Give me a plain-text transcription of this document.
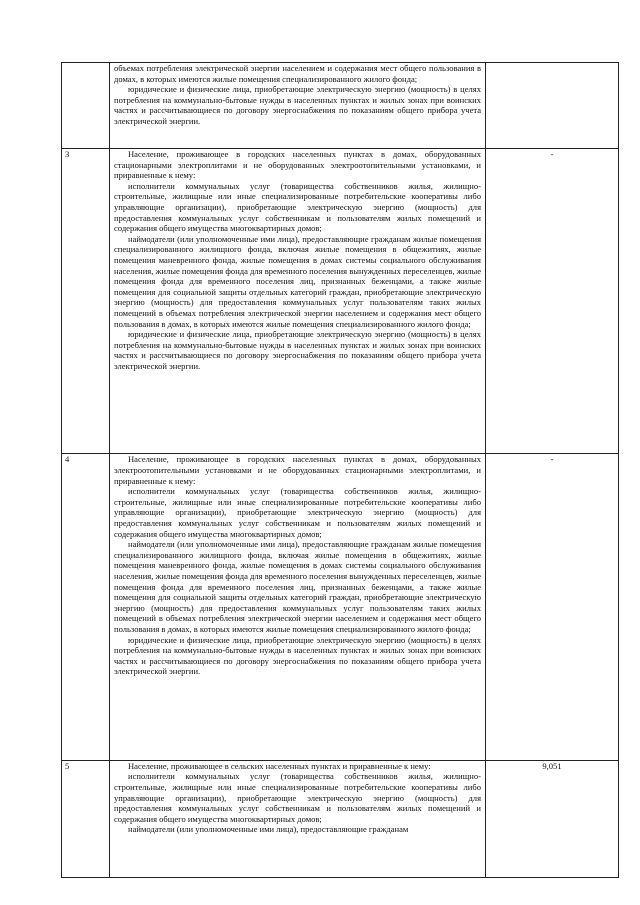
	объемах потребления электрической энергии населением и содержания мест общего пользования в домах, в которых имеются жилые помещения специализированного жилого фонда;

юридические и физические лица, приобретающие электрическую энергию (мощность) в целях потребления на коммунально-бытовые нужды в населенных пунктах и жилых зонах при воинских частях и рассчитывающиеся по договору энергоснабжения по показаниям общего прибора учета электрической энергии.	

3	Население, проживающее в городских населенных пунктах в домах, оборудованных стационарными электроплитами и не оборудованных электроотопительными установками, и приравненные к нему:

исполнители коммунальных услуг (товарищества собственников жилья, жилищно-строительные, жилищные или иные специализированные потребительские кооперативы либо управляющие организации), приобретающие электрическую энергию (мощность) для предоставления коммунальных услуг собственникам и пользователям жилых помещений и содержания общего имущества многоквартирных домов;

наймодатели (или уполномоченные ими лица), предоставляющие гражданам жилые помещения специализированного жилищного фонда, включая жилые помещения в общежитиях, жилые помещения маневренного фонда, жилые помещения в домах системы социального обслуживания населения, жилые помещения фонда для временного поселения вынужденных переселенцев, жилые помещения фонда для временного поселения лиц, признанных беженцами, а также жилые помещения для социальной защиты отдельных категорий граждан, приобретающие электрическую энергию (мощность) для предоставления коммунальных услуг пользователям таких жилых помещений в объемах потребления электрической энергии населением и содержания мест общего пользования в домах, в которых имеются жилые помещения специализированного жилого фонда;

юридические и физические лица, приобретающие электрическую энергию (мощность) в целях потребления на коммунально-бытовые нужды в населенных пунктах и жилых зонах при воинских частях и рассчитывающиеся по договору энергоснабжения по показаниям общего прибора учета электрической энергии.	-
4	Население, проживающее в городских населенных пунктах в домах, оборудованных электроотопительными установками и не оборудованных стационарными электроплитами, и приравненные к нему:

исполнители коммунальных услуг (товарищества собственников жилья, жилищно-строительные, жилищные или иные специализированные потребительские кооперативы либо управляющие организации), приобретающие электрическую энергию (мощность) для предоставления коммунальных услуг собственникам и пользователям жилых помещений и содержания общего имущества многоквартирных домов;

наймодатели (или уполномоченные ими лица), предоставляющие гражданам жилые помещения специализированного жилищного фонда, включая жилые помещения в общежитиях, жилые помещения маневренного фонда, жилые помещения в домах системы социального обслуживания населения, жилые помещения фонда для временного поселения вынужденных переселенцев, жилые помещения фонда для временного поселения лиц, признанных беженцами, а также жилые помещения для социальной защиты отдельных категорий граждан, приобретающие электрическую энергию (мощность) для предоставления коммунальных услуг пользователям таких жилых помещений в объемах потребления электрической энергии населением и содержания мест общего пользования в домах, в которых имеются жилые помещения специализированного жилого фонда;

юридические и физические лица, приобретающие электрическую энергию (мощность) в целях потребления на коммунально-бытовые нужды в населенных пунктах и жилых зонах при воинских частях и рассчитывающиеся по договору энергоснабжения по показаниям общего прибора учета электрической энергии.	-
5	Население, проживающее в сельских населенных пунктах и приравненные к нему:

исполнители коммунальных услуг (товарищества собственников жилья, жилищно-строительные, жилищные или иные специализированные потребительские кооперативы либо управляющие организации), приобретающие электрическую энергию (мощность) для предоставления коммунальных услуг собственникам и пользователям жилых помещений и содержания общего имущества многоквартирных домов;

наймодатели (или уполномоченные ими лица), предоставляющие гражданам	9,051
